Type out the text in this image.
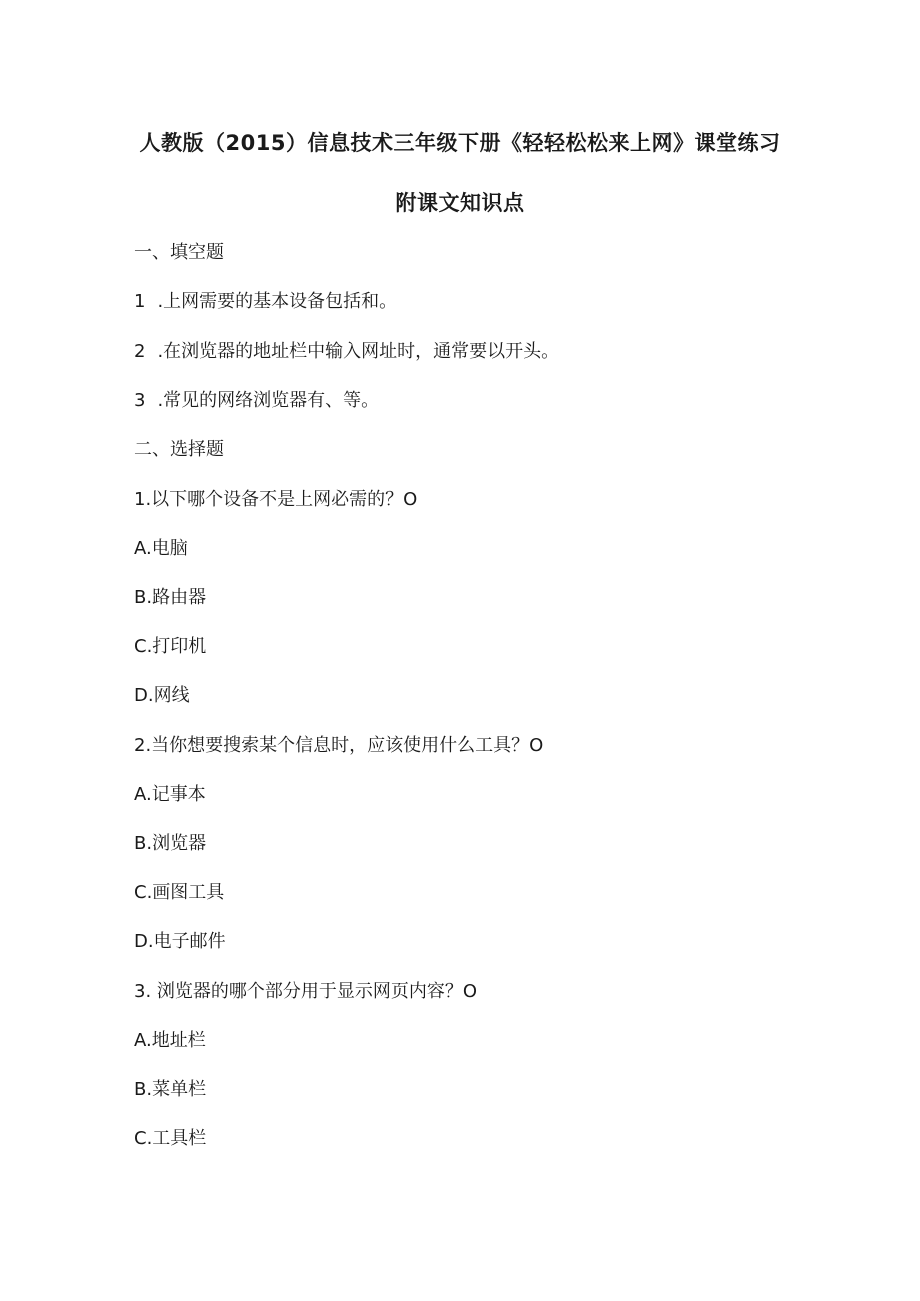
人教版（2015）信息技术三年级下册《轻轻松松来上网》课堂练习
附课文知识点
一、填空题
1 .上网需要的基本设备包括和。
2 .在浏览器的地址栏中输入网址时，通常要以开头。
3 .常见的网络浏览器有、等。
二、选择题
1.以下哪个设备不是上网必需的？O
A.电脑
B.路由器
C.打印机
D.网线
2.当你想要搜索某个信息时，应该使用什么工具？O
A.记事本
B.浏览器
C.画图工具
D.电子邮件
3. 浏览器的哪个部分用于显示网页内容？O
A.地址栏
B.菜单栏
C.工具栏
